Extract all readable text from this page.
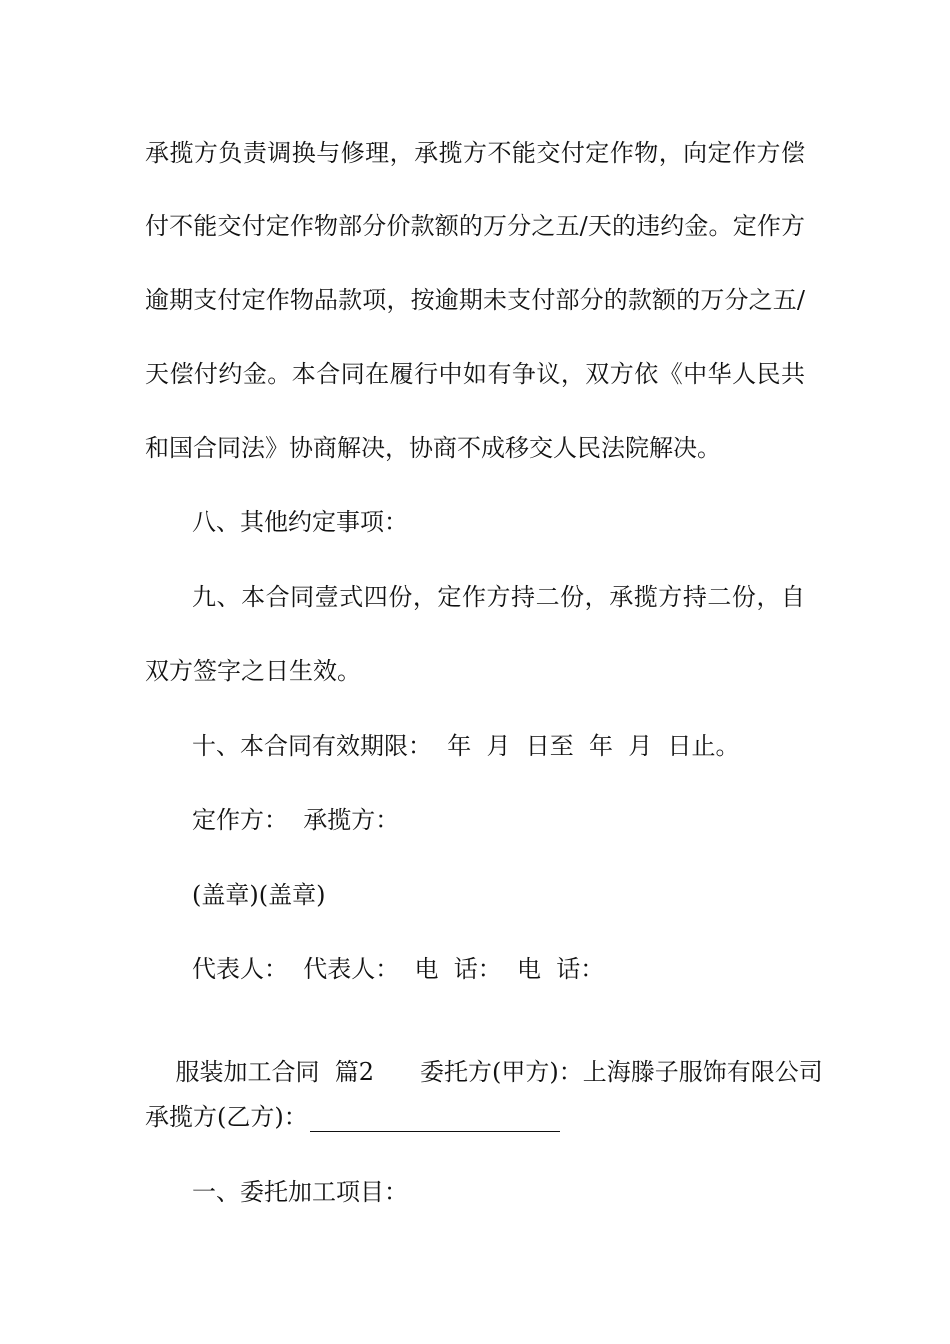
承揽方负责调换与修理，承揽方不能交付定作物，向定作方偿
付不能交付定作物部分价款额的万分之五/天的违约金。定作方
逾期支付定作物品款项，按逾期未支付部分的款额的万分之五/
天偿付约金。本合同在履行中如有争议，双方依《中华人民共
和国合同法》协商解决，协商不成移交人民法院解决。
八、其他约定事项：
九、本合同壹式四份，定作方持二份，承揽方持二份，自
双方签字之日生效。
十、本合同有效期限：  年  月  日至  年  月  日止。
定作方：  承揽方：
(盖章)(盖章)
代表人：  代表人：  电  话：  电  话：

服装加工合同  篇2 委托方(甲方)：上海滕子服饰有限公司

承揽方(乙方)：
一、委托加工项目：
